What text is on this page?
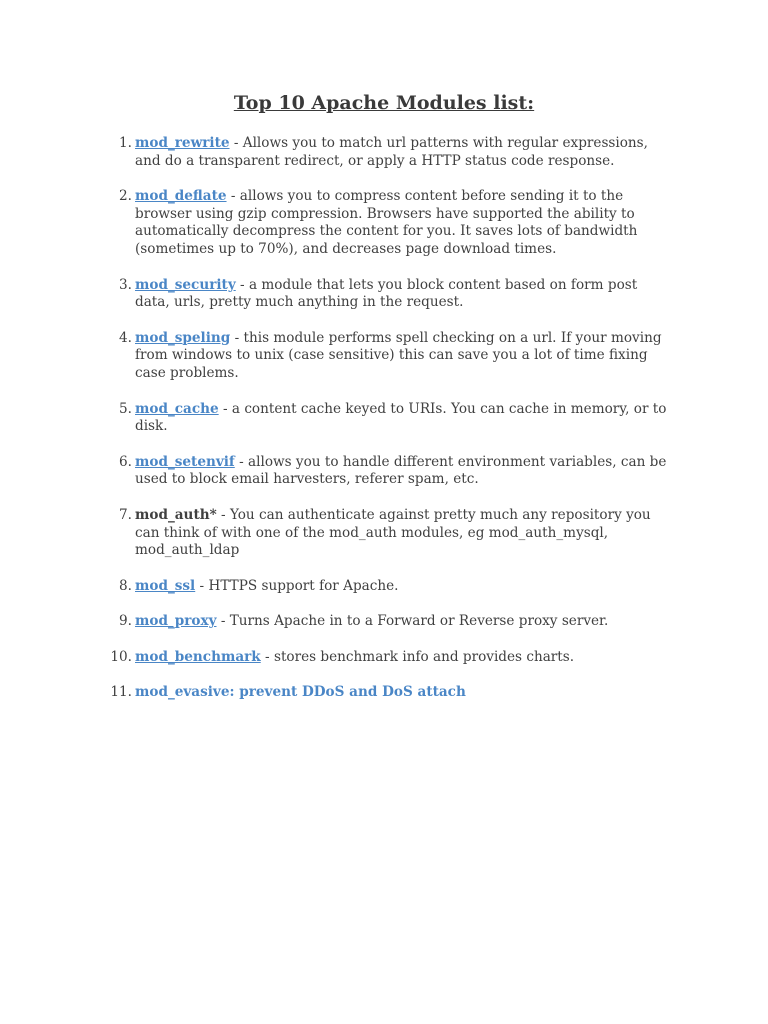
Top 10 Apache Modules list:
1. mod_rewrite - Allows you to match url patterns with regular expressions, and do a transparent redirect, or apply a HTTP status code response.
2. mod_deflate - allows you to compress content before sending it to the browser using gzip compression. Browsers have supported the ability to automatically decompress the content for you. It saves lots of bandwidth (sometimes up to 70%), and decreases page download times.
3. mod_security - a module that lets you block content based on form post data, urls, pretty much anything in the request.
4. mod_speling - this module performs spell checking on a url. If your moving from windows to unix (case sensitive) this can save you a lot of time fixing case problems.
5. mod_cache - a content cache keyed to URIs. You can cache in memory, or to disk.
6. mod_setenvif - allows you to handle different environment variables, can be used to block email harvesters, referer spam, etc.
7. mod_auth* - You can authenticate against pretty much any repository you can think of with one of the mod_auth modules, eg mod_auth_mysql, mod_auth_ldap
8. mod_ssl - HTTPS support for Apache.
9. mod_proxy - Turns Apache in to a Forward or Reverse proxy server.
10. mod_benchmark - stores benchmark info and provides charts.
11. mod_evasive: prevent DDoS and DoS attach
